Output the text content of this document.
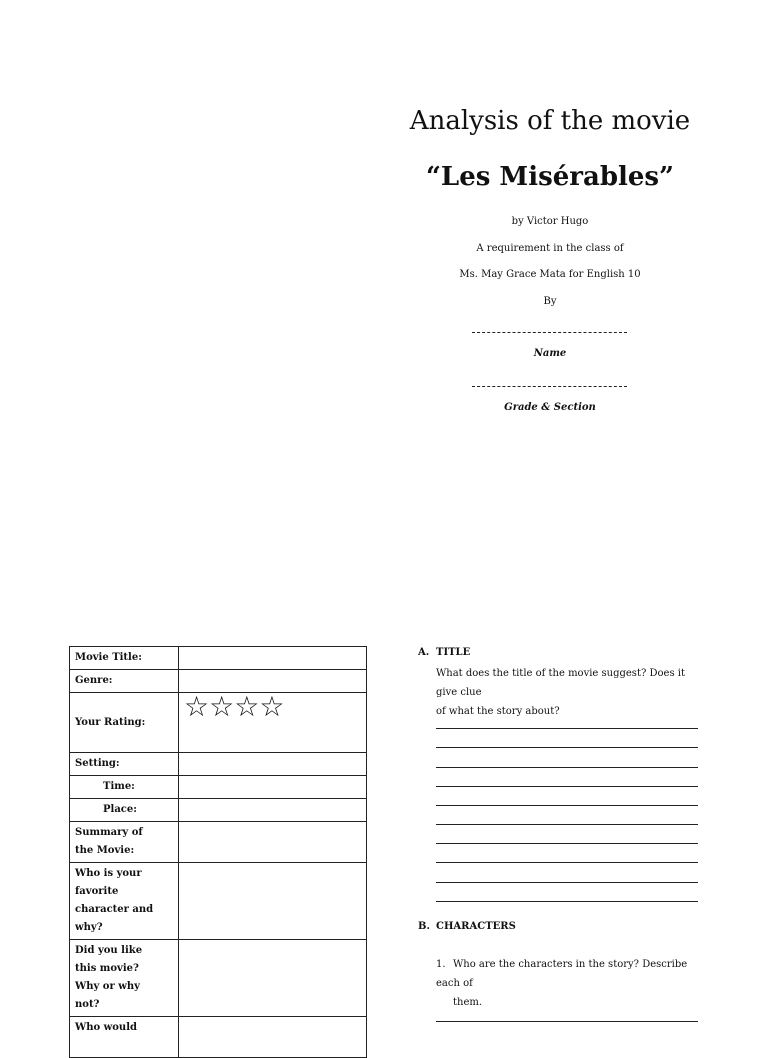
Analysis of the movie
“Les Misérables”
by Victor Hugo
A requirement in the class of
Ms. May Grace Mata for English 10
By
Name
Grade & Section
Movie Title:	
Genre:	
Your Rating:	☆ ☆ ☆ ☆

Setting:	
Time:	
Place:	

Summary of
the Movie:	

Who is your
favorite
character and
why?	

Did you like
this movie?
Why or why
not?	

Who would	

A. TITLE
What does the title of the movie suggest? Does it give clue
of what the story about?
B. CHARACTERS
1. Who are the characters in the story? Describe each of
them.
